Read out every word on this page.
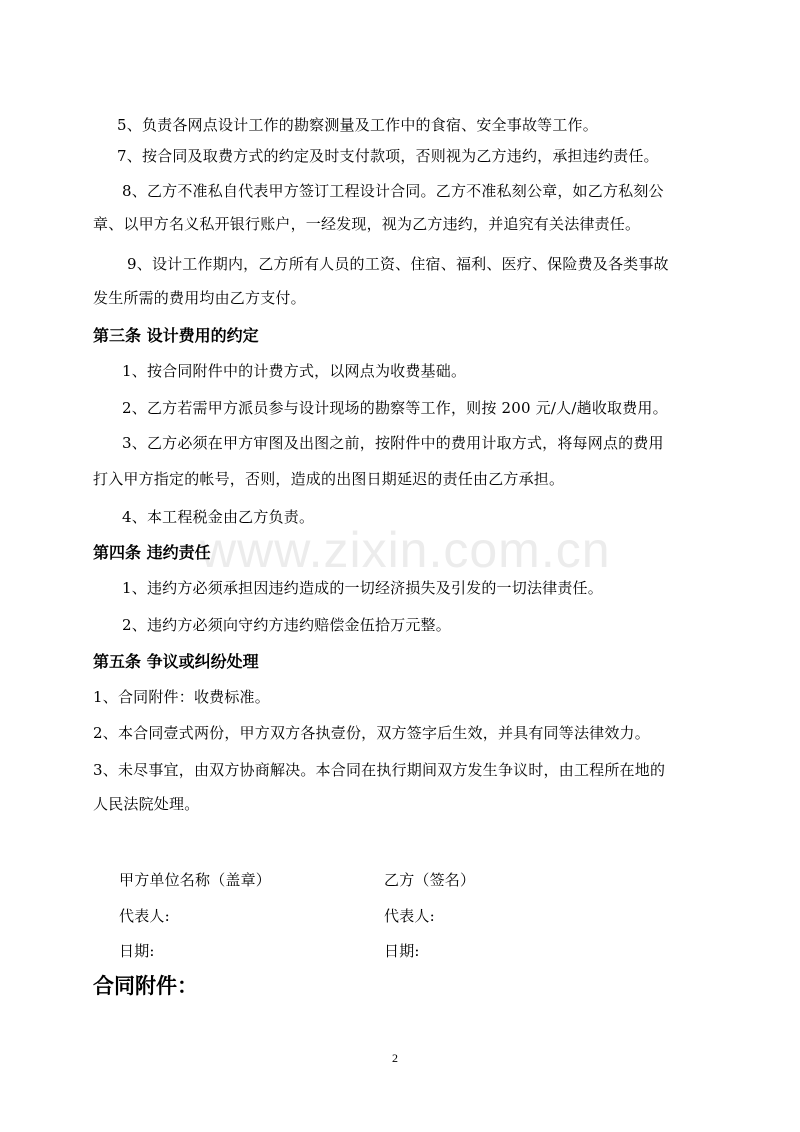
www.zixin.com.cn
5、负责各网点设计工作的勘察测量及工作中的食宿、安全事故等工作。
7、按合同及取费方式的约定及时支付款项，否则视为乙方违约，承担违约责任。
8、乙方不准私自代表甲方签订工程设计合同。乙方不准私刻公章，如乙方私刻公
章、以甲方名义私开银行账户，一经发现，视为乙方违约，并追究有关法律责任。
9、设计工作期内，乙方所有人员的工资、住宿、福利、医疗、保险费及各类事故
发生所需的费用均由乙方支付。
第三条 设计费用的约定
1、按合同附件中的计费方式，以网点为收费基础。
2、乙方若需甲方派员参与设计现场的勘察等工作，则按 200 元/人/趟收取费用。
3、乙方必须在甲方审图及出图之前，按附件中的费用计取方式，将每网点的费用
打入甲方指定的帐号，否则，造成的出图日期延迟的责任由乙方承担。
4、本工程税金由乙方负责。
第四条 违约责任
1、违约方必须承担因违约造成的一切经济损失及引发的一切法律责任。
2、违约方必须向守约方违约赔偿金伍拾万元整。
第五条 争议或纠纷处理
1、合同附件：收费标准。
2、本合同壹式两份，甲方双方各执壹份，双方签字后生效，并具有同等法律效力。
3、未尽事宜，由双方协商解决。本合同在执行期间双方发生争议时，由工程所在地的
人民法院处理。
甲方单位名称（盖章）	乙方（签名）
代表人:	代表人:
日期:	日期:
合同附件：
2
